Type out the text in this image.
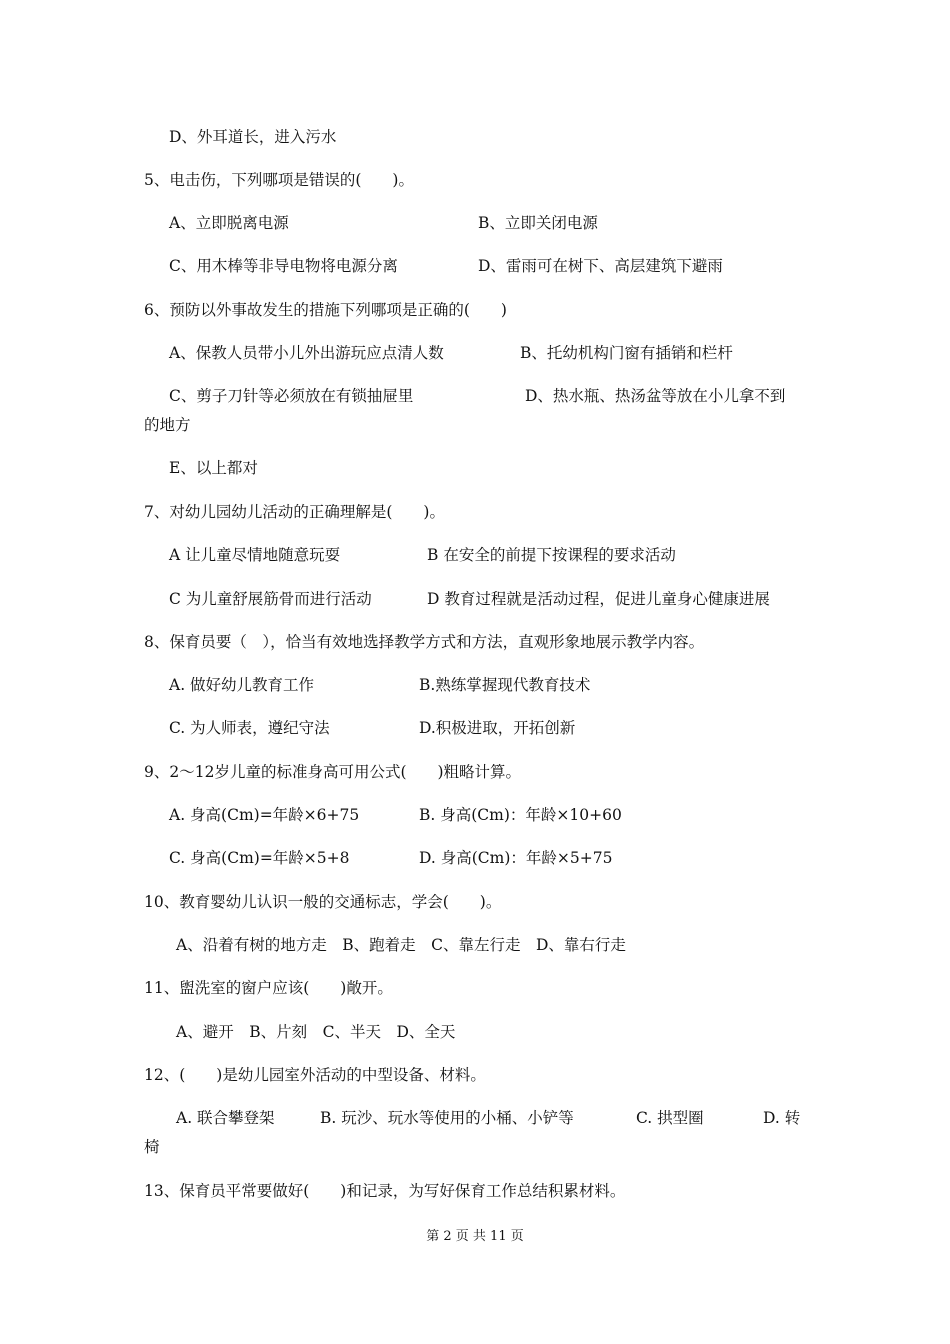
D、外耳道长，进入污水
5、电击伤，下列哪项是错误的(　　)。
A、立即脱离电源	B、立即关闭电源
C、用木棒等非导电物将电源分离	D、雷雨可在树下、高层建筑下避雨
6、预防以外事故发生的措施下列哪项是正确的(　　)
A、保教人员带小儿外出游玩应点清人数	B、托幼机构门窗有插销和栏杆
C、剪子刀针等必须放在有锁抽屉里	D、热水瓶、热汤盆等放在小儿拿不到
的地方
E、以上都对
7、对幼儿园幼儿活动的正确理解是(　　)。
A 让儿童尽情地随意玩耍	B 在安全的前提下按课程的要求活动
C 为儿童舒展筋骨而进行活动	D 教育过程就是活动过程，促进儿童身心健康进展
8、保育员要（　），恰当有效地选择教学方式和方法，直观形象地展示教学内容。
A. 做好幼儿教育工作	B.熟练掌握现代教育技术
C. 为人师表，遵纪守法	D.积极进取，开拓创新
9、2～12岁儿童的标准身高可用公式(　　)粗略计算。
A. 身高(Cm)=年龄×6+75	B. 身高(Cm)：年龄×10+60
C. 身高(Cm)=年龄×5+8	D. 身高(Cm)：年龄×5+75
10、教育婴幼儿认识一般的交通标志，学会(　　)。
A、沿着有树的地方走　B、跑着走　C、靠左行走　D、靠右行走
11、盥洗室的窗户应该(　　)敞开。
A、避开　B、片刻　C、半天　D、全天
12、(　　)是幼儿园室外活动的中型设备、材料。
A. 联合攀登架	B. 玩沙、玩水等使用的小桶、小铲等	C. 拱型圈	D. 转
椅
13、保育员平常要做好(　　)和记录，为写好保育工作总结积累材料。
第 2 页 共 11 页
